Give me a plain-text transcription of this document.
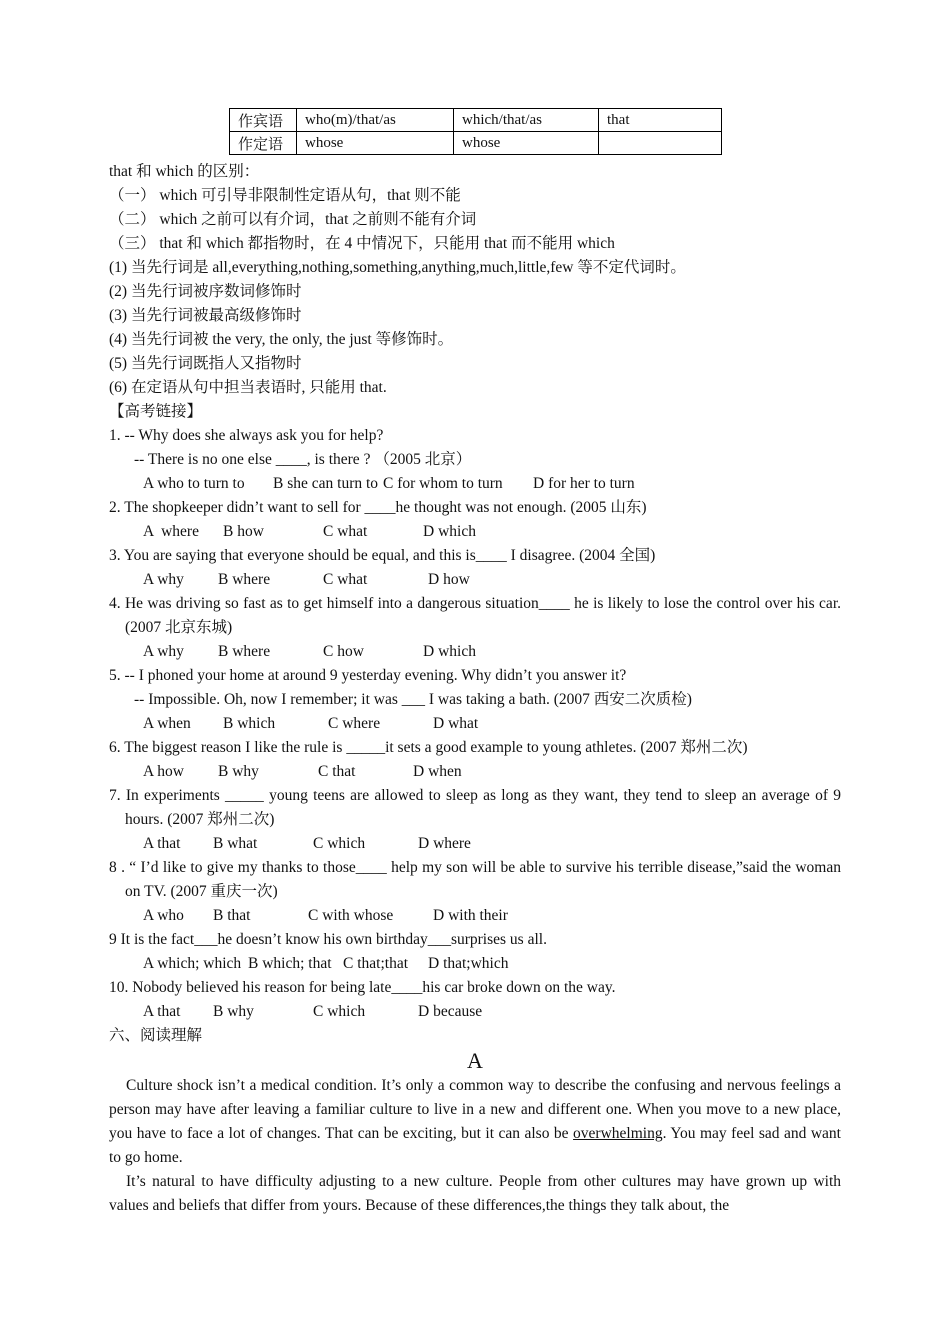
作宾语	who(m)/that/as	which/that/as	that
作定语	whose	whose	
that 和 which 的区别：
（一） which 可引导非限制性定语从句，that 则不能
（二） which 之前可以有介词，that 之前则不能有介词
（三） that 和 which 都指物时，在 4 中情况下，只能用 that 而不能用 which
(1) 当先行词是 all,everything,nothing,something,anything,much,little,few 等不定代词时。
(2) 当先行词被序数词修饰时
(3) 当先行词被最高级修饰时
(4) 当先行词被 the very, the only, the just 等修饰时。
(5) 当先行词既指人又指物时
(6) 在定语从句中担当表语时, 只能用 that.
【高考链接】
1. -- Why does she always ask you for help?
-- There is no one else ____, is there ? （2005 北京）
A who to turn to B she can turn to C for whom to turn D for her to turn
2. The shopkeeper didn’t want to sell for ____he thought was not enough. (2005 山东)
A  where B how	C what	D which
3. You are saying that everyone should be equal, and this is____ I disagree. (2004 全国)
A why B where	C what	D how
4. He was driving so fast as to get himself into a dangerous situation____ he is likely to lose the control over his car. (2007 北京东城)
A why B where	C how	D which
5. -- I phoned your home at around 9 yesterday evening. Why didn’t you answer it?
-- Impossible. Oh, now I remember; it was ___ I was taking a bath. (2007 西安二次质检)
A when B which	C where	D what
6. The biggest reason I like the rule is _____it sets a good example to young athletes. (2007 郑州二次)
A how B why	C that	D when
7. In experiments _____ young teens are allowed to sleep as long as they want, they tend to sleep an average of 9 hours. (2007 郑州二次)
A that B what	C which	D where
8 . “ I’d like to give my thanks to those____ help my son will be able to survive his terrible disease,”said the woman on TV. (2007 重庆一次)
A who B that	C with whose	D with their
9 It is the fact___he doesn’t know his own birthday___surprises us all.
A which; which B which; that C that;that D that;which
10. Nobody believed his reason for being late____his car broke down on the way.
A that B why	C which	D because
六、阅读理解
A
Culture shock isn’t a medical condition. It’s only a common way to describe the confusing and nervous feelings a person may have after leaving a familiar culture to live in a new and different one. When you move to a new place, you have to face a lot of changes. That can be exciting, but it can also be overwhelming. You may feel sad and want to go home.
It’s natural to have difficulty adjusting to a new culture. People from other cultures may have grown up with values and beliefs that differ from yours. Because of these differences,the things they talk about, the
